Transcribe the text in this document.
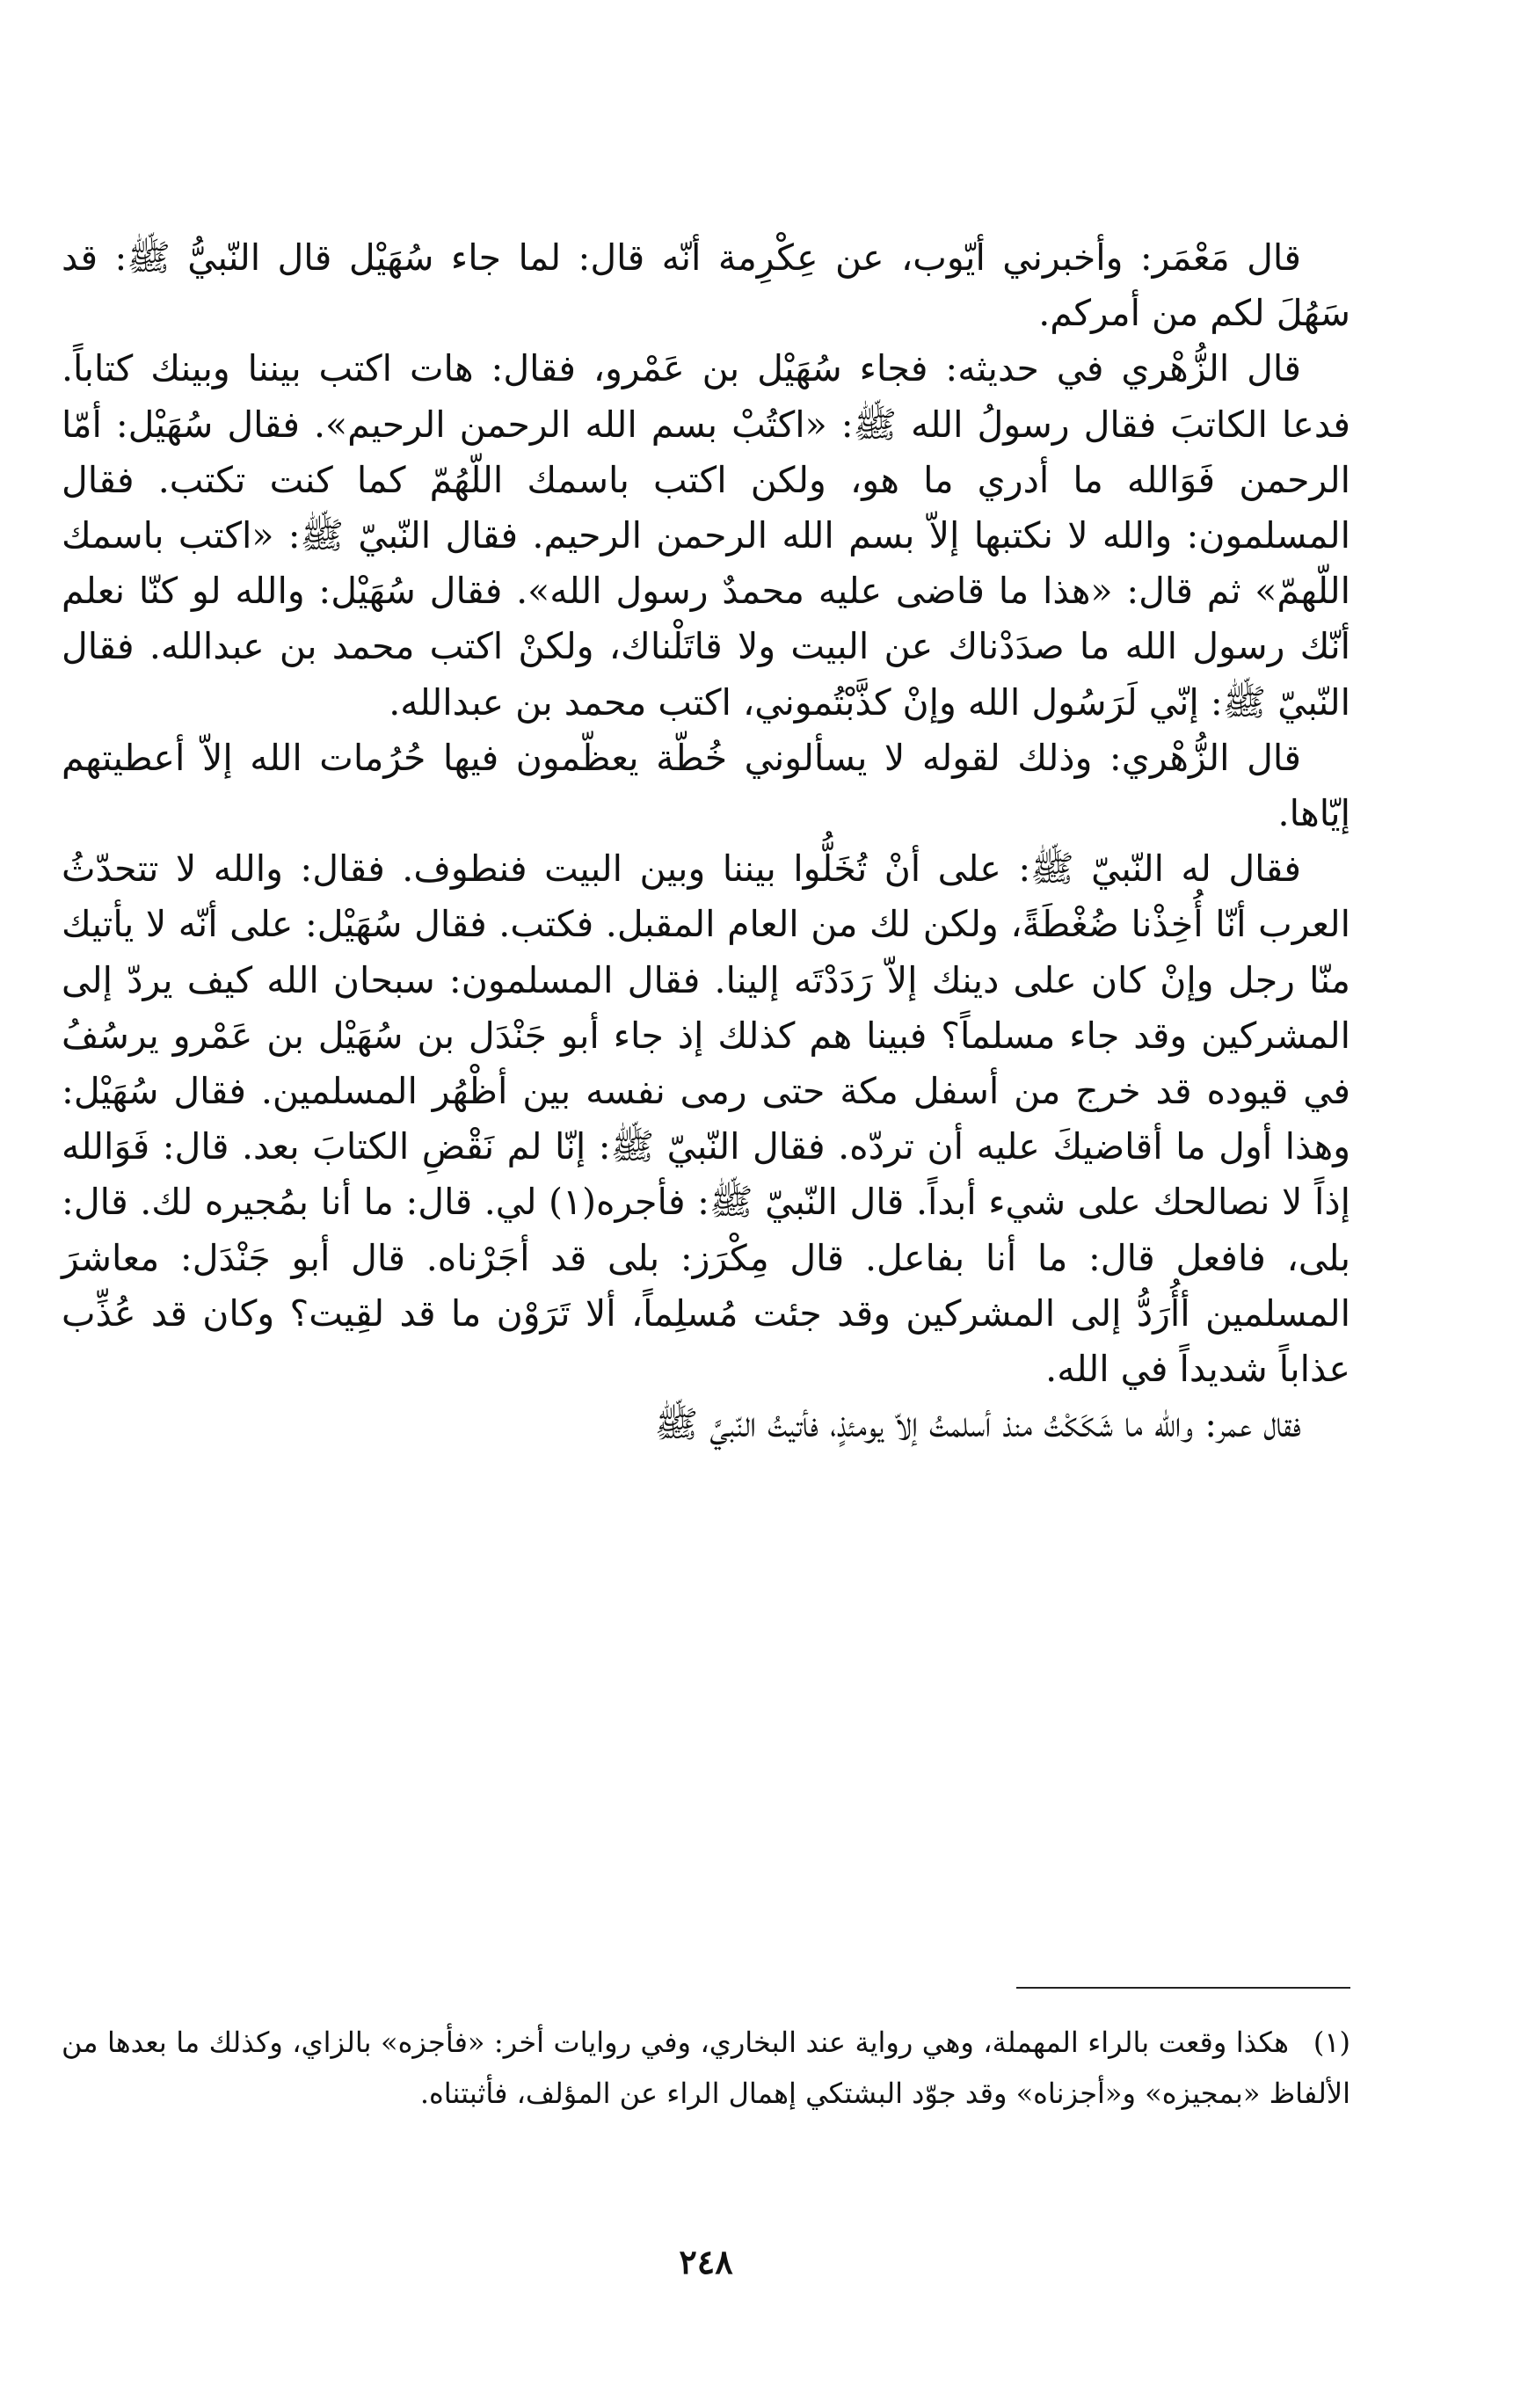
قال مَعْمَر: وأخبرني أيّوب، عن عِكْرِمة أنّه قال: لما جاء سُهَيْل قال النّبيُّ ﷺ: قد سَهُلَ لكم من أمركم.

قال الزُّهْري في حديثه: فجاء سُهَيْل بن عَمْرو، فقال: هات اكتب بيننا وبينك كتاباً. فدعا الكاتبَ فقال رسولُ الله ﷺ: «اكتُبْ بسم الله الرحمن الرحيم». فقال سُهَيْل: أمّا الرحمن فَوَالله ما أدري ما هو، ولكن اكتب باسمك اللّهُمّ كما كنت تكتب. فقال المسلمون: والله لا نكتبها إلاّ بسم الله الرحمن الرحيم. فقال النّبيّ ﷺ: «اكتب باسمك اللّهمّ» ثم قال: «هذا ما قاضى عليه محمدٌ رسول الله». فقال سُهَيْل: والله لو كنّا نعلم أنّك رسول الله ما صدَدْناك عن البيت ولا قاتَلْناك، ولكنْ اكتب محمد بن عبدالله. فقال النّبيّ ﷺ: إنّي لَرَسُول الله وإنْ كذَّبْتُموني، اكتب محمد بن عبدالله.

قال الزُّهْري: وذلك لقوله لا يسألوني خُطّة يعظّمون فيها حُرُمات الله إلاّ أعطيتهم إيّاها.

فقال له النّبيّ ﷺ: على أنْ تُخَلُّوا بيننا وبين البيت فنطوف. فقال: والله لا تتحدّثُ العرب أنّا أُخِذْنا ضُغْطَةً، ولكن لك من العام المقبل. فكتب. فقال سُهَيْل: على أنّه لا يأتيك منّا رجل وإنْ كان على دينك إلاّ رَدَدْتَه إلينا. فقال المسلمون: سبحان الله كيف يردّ إلى المشركين وقد جاء مسلماً؟ فبينا هم كذلك إذ جاء أبو جَنْدَل بن سُهَيْل بن عَمْرو يرسُفُ في قيوده قد خرج من أسفل مكة حتى رمى نفسه بين أظْهُر المسلمين. فقال سُهَيْل: وهذا أول ما أقاضيكَ عليه أن تردّه. فقال النّبيّ ﷺ: إنّا لم نَقْضِ الكتابَ بعد. قال: فَوَالله إذاً لا نصالحك على شيء أبداً. قال النّبيّ ﷺ: فأجره(١) لي. قال: ما أنا بمُجيره لك. قال: بلى، فافعل قال: ما أنا بفاعل. قال مِكْرَز: بلى قد أجَرْناه. قال أبو جَنْدَل: معاشرَ المسلمين أأُرَدُّ إلى المشركين وقد جئت مُسلِماً، ألا تَرَوْن ما قد لقِيت؟ وكان قد عُذِّب عذاباً شديداً في الله.

فقال عمر: والله ما شَكَكْتُ منذ أسلمتُ إلاّ يومئذٍ، فأتيتُ النّبيَّ ﷺ

(١)هكذا وقعت بالراء المهملة، وهي رواية عند البخاري، وفي روايات أخر: «فأجزه» بالزاي، وكذلك ما بعدها من الألفاظ «بمجيزه» و«أجزناه» وقد جوّد البشتكي إهمال الراء عن المؤلف، فأثبتناه.

٢٤٨
